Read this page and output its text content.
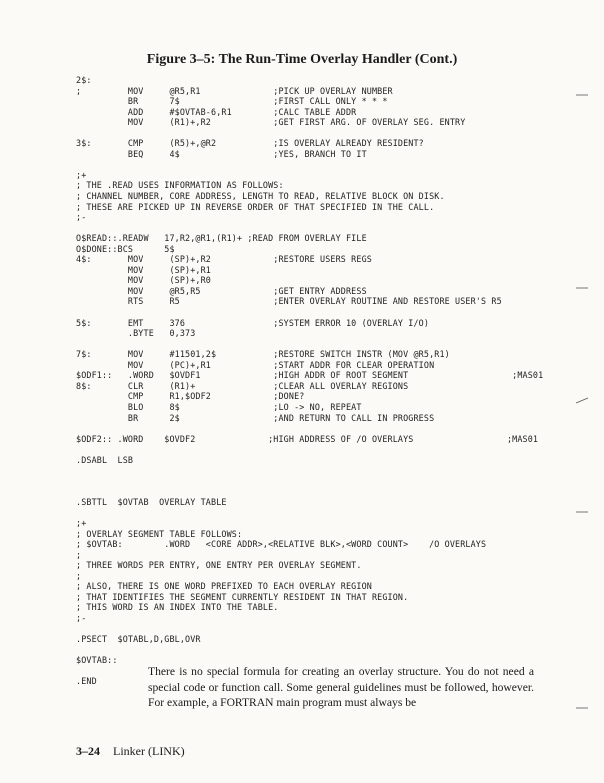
Figure 3–5: The Run-Time Overlay Handler (Cont.)
2$:
;         MOV     @R5,R1              ;PICK UP OVERLAY NUMBER
BR      7$                  ;FIRST CALL ONLY * * *
ADD     #$OVTAB-6,R1        ;CALC TABLE ADDR
MOV     (R1)+,R2            ;GET FIRST ARG. OF OVERLAY SEG. ENTRY

3$:       CMP     (R5)+,@R2           ;IS OVERLAY ALREADY RESIDENT?
BEQ     4$                  ;YES, BRANCH TO IT

;+
; THE .READ USES INFORMATION AS FOLLOWS:
; CHANNEL NUMBER, CORE ADDRESS, LENGTH TO READ, RELATIVE BLOCK ON DISK.
; THESE ARE PICKED UP IN REVERSE ORDER OF THAT SPECIFIED IN THE CALL.
;-

O$READ::.READW   17,R2,@R1,(R1)+ ;READ FROM OVERLAY FILE
O$DONE::BCS      5$
4$:       MOV     (SP)+,R2            ;RESTORE USERS REGS
MOV     (SP)+,R1
MOV     (SP)+,R0
MOV     @R5,R5              ;GET ENTRY ADDRESS
RTS     R5                  ;ENTER OVERLAY ROUTINE AND RESTORE USER'S R5

5$:       EMT     376                 ;SYSTEM ERROR 10 (OVERLAY I/O)
.BYTE   0,373

7$:       MOV     #11501,2$           ;RESTORE SWITCH INSTR (MOV @R5,R1)
MOV     (PC)+,R1            ;START ADDR FOR CLEAR OPERATION
$ODF1::   .WORD   $OVDF1              ;HIGH ADDR OF ROOT SEGMENT                    ;MAS01
8$:       CLR     (R1)+               ;CLEAR ALL OVERLAY REGIONS
CMP     R1,$ODF2            ;DONE?
BLO     8$                  ;LO -> NO, REPEAT
BR      2$                  ;AND RETURN TO CALL IN PROGRESS

$ODF2:: .WORD    $OVDF2              ;HIGH ADDRESS OF /O OVERLAYS                  ;MAS01

.DSABL  LSB

.SBTTL  $OVTAB  OVERLAY TABLE

;+
; OVERLAY SEGMENT TABLE FOLLOWS:
; $OVTAB:        .WORD   <CORE ADDR>,<RELATIVE BLK>,<WORD COUNT>    /O OVERLAYS
;
; THREE WORDS PER ENTRY, ONE ENTRY PER OVERLAY SEGMENT.
;
; ALSO, THERE IS ONE WORD PREFIXED TO EACH OVERLAY REGION
; THAT IDENTIFIES THE SEGMENT CURRENTLY RESIDENT IN THAT REGION.
; THIS WORD IS AN INDEX INTO THE TABLE.
;-

.PSECT  $OTABL,D,GBL,OVR

$OVTAB::

.END

There is no special formula for creating an overlay structure. You do not need a special code or function call. Some general guidelines must be followed, however. For example, a FORTRAN main program must always be
3–24 Linker (LINK)
